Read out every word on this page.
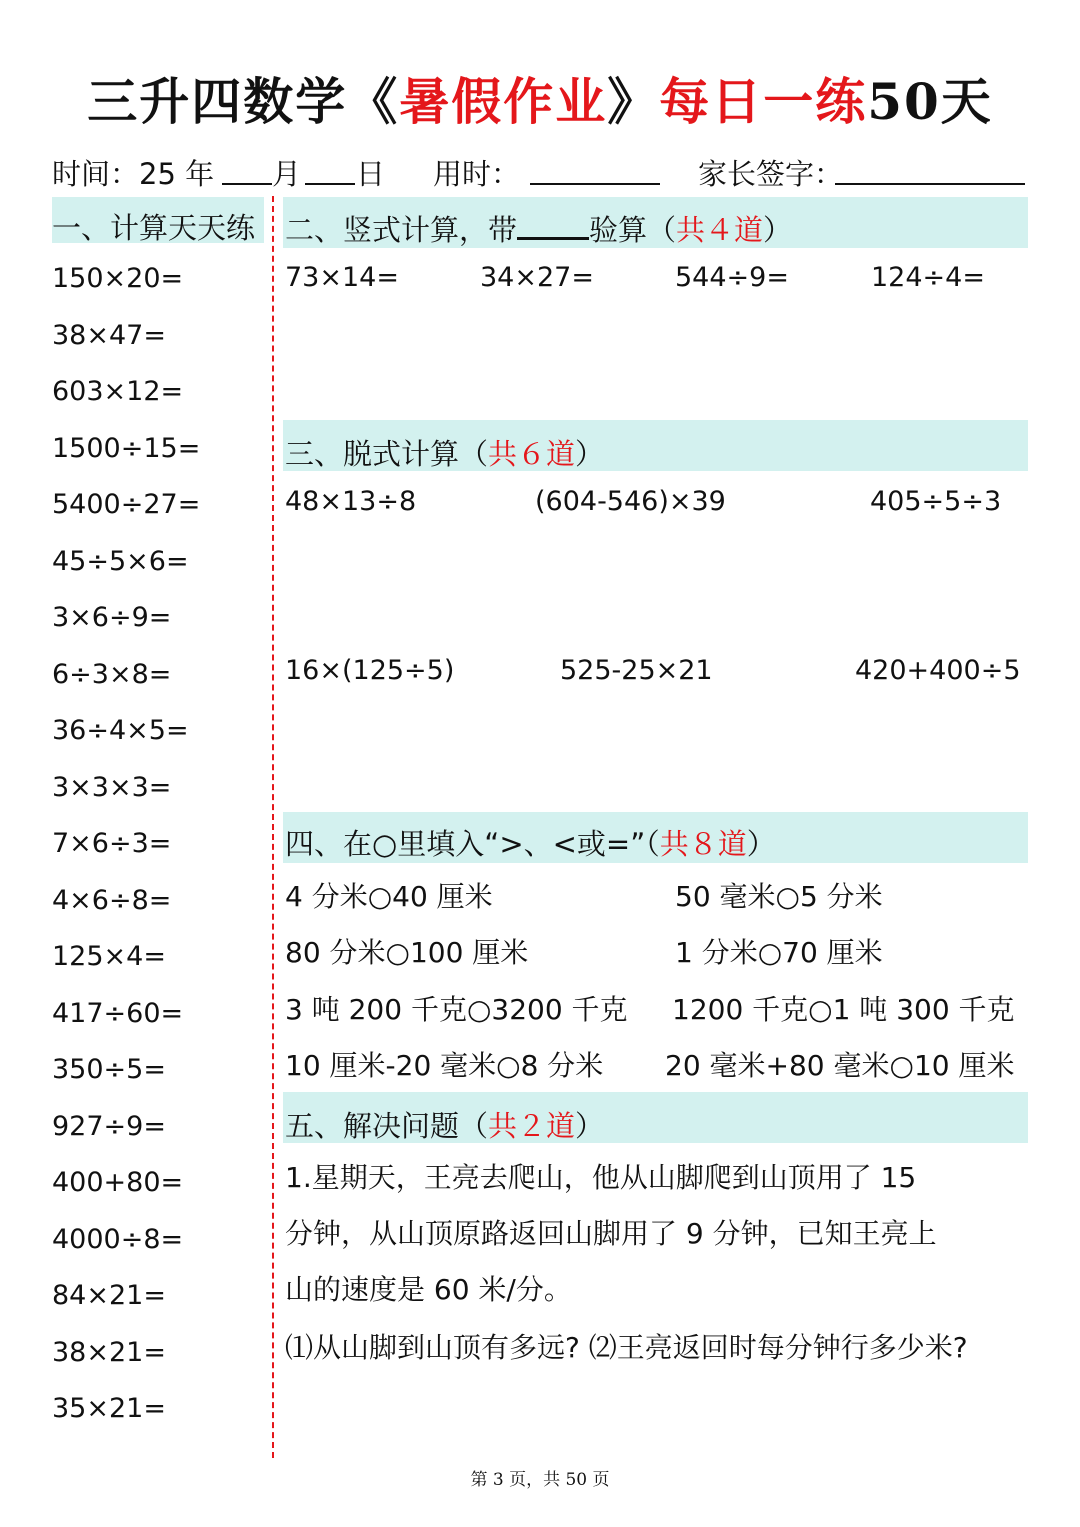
三升四数学《暑假作业》每日一练50天
时间：25 年 月 日 用时：	家长签字：
一、计算天天练
150×20=
38×47=
603×12=
1500÷15=
5400÷27=
45÷5×6=
3×6÷9=
6÷3×8=
36÷4×5=
3×3×3=
7×6÷3=
4×6÷8=
125×4=
417÷60=
350÷5=
927÷9=
400+80=
4000÷8=
84×21=
38×21=
35×21=
二、竖式计算，带 验算（共４道）
73×14=	34×27=	544÷9=	124÷4=
三、脱式计算（共６道）
48×13÷8	(604-546)×39	405÷5÷3
16×(125÷5)	525-25×21	420+400÷5
四、在○里填入“>、<或=”（共８道）
4 分米○40 厘米	50 毫米○5 分米
80 分米○100 厘米	1 分米○70 厘米
3 吨 200 千克○3200 千克 1200 千克○1 吨 300 千克
10 厘米-20 毫米○8 分米 20 毫米+80 毫米○10 厘米
五、解决问题（共２道）
1.星期天，王亮去爬山，他从山脚爬到山顶用了 15
分钟，从山顶原路返回山脚用了 9 分钟，已知王亮上
山的速度是 60 米/分。
⑴从山脚到山顶有多远? ⑵王亮返回时每分钟行多少米?
第 3 页，共 50 页
